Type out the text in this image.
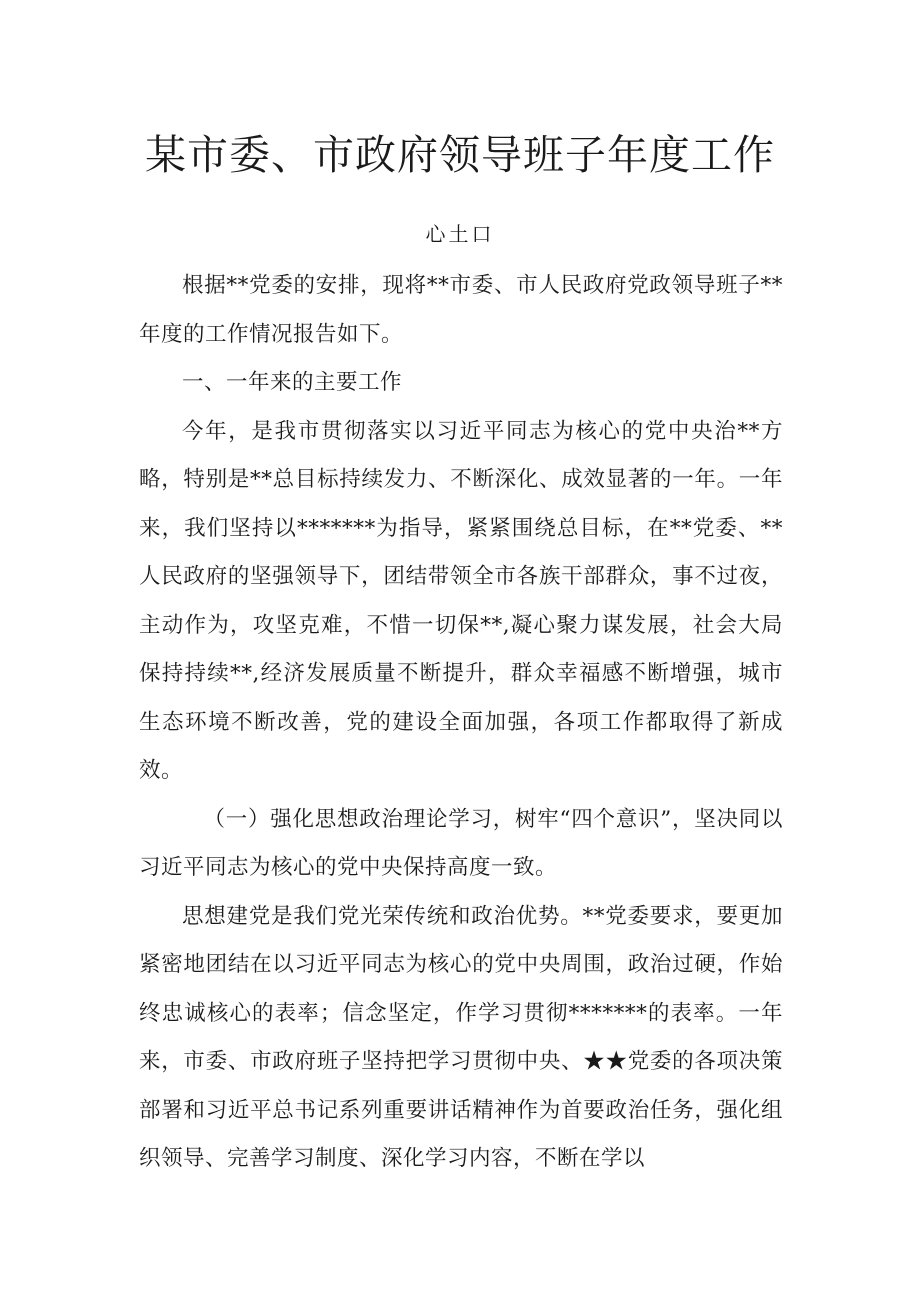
某市委、市政府领导班子年度工作
心土口

根据**党委的安排，现将**市委、市人民政府党政领导班子**年度的工作情况报告如下。

一、一年来的主要工作

今年，是我市贯彻落实以习近平同志为核心的党中央治**方略，特别是**总目标持续发力、不断深化、成效显著的一年。一年来，我们坚持以*******为指导，紧紧围绕总目标，在**党委、**人民政府的坚强领导下，团结带领全市各族干部群众，事不过夜，主动作为，攻坚克难，不惜一切保**,凝心聚力谋发展，社会大局保持持续**,经济发展质量不断提升，群众幸福感不断增强，城市生态环境不断改善，党的建设全面加强，各项工作都取得了新成效。

（一）强化思想政治理论学习，树牢“四个意识”，坚决同以习近平同志为核心的党中央保持高度一致。

思想建党是我们党光荣传统和政治优势。**党委要求，要更加紧密地团结在以习近平同志为核心的党中央周围，政治过硬，作始终忠诚核心的表率；信念坚定，作学习贯彻*******的表率。一年来，市委、市政府班子坚持把学习贯彻中央、★★党委的各项决策部署和习近平总书记系列重要讲话精神作为首要政治任务，强化组织领导、完善学习制度、深化学习内容，不断在学以
